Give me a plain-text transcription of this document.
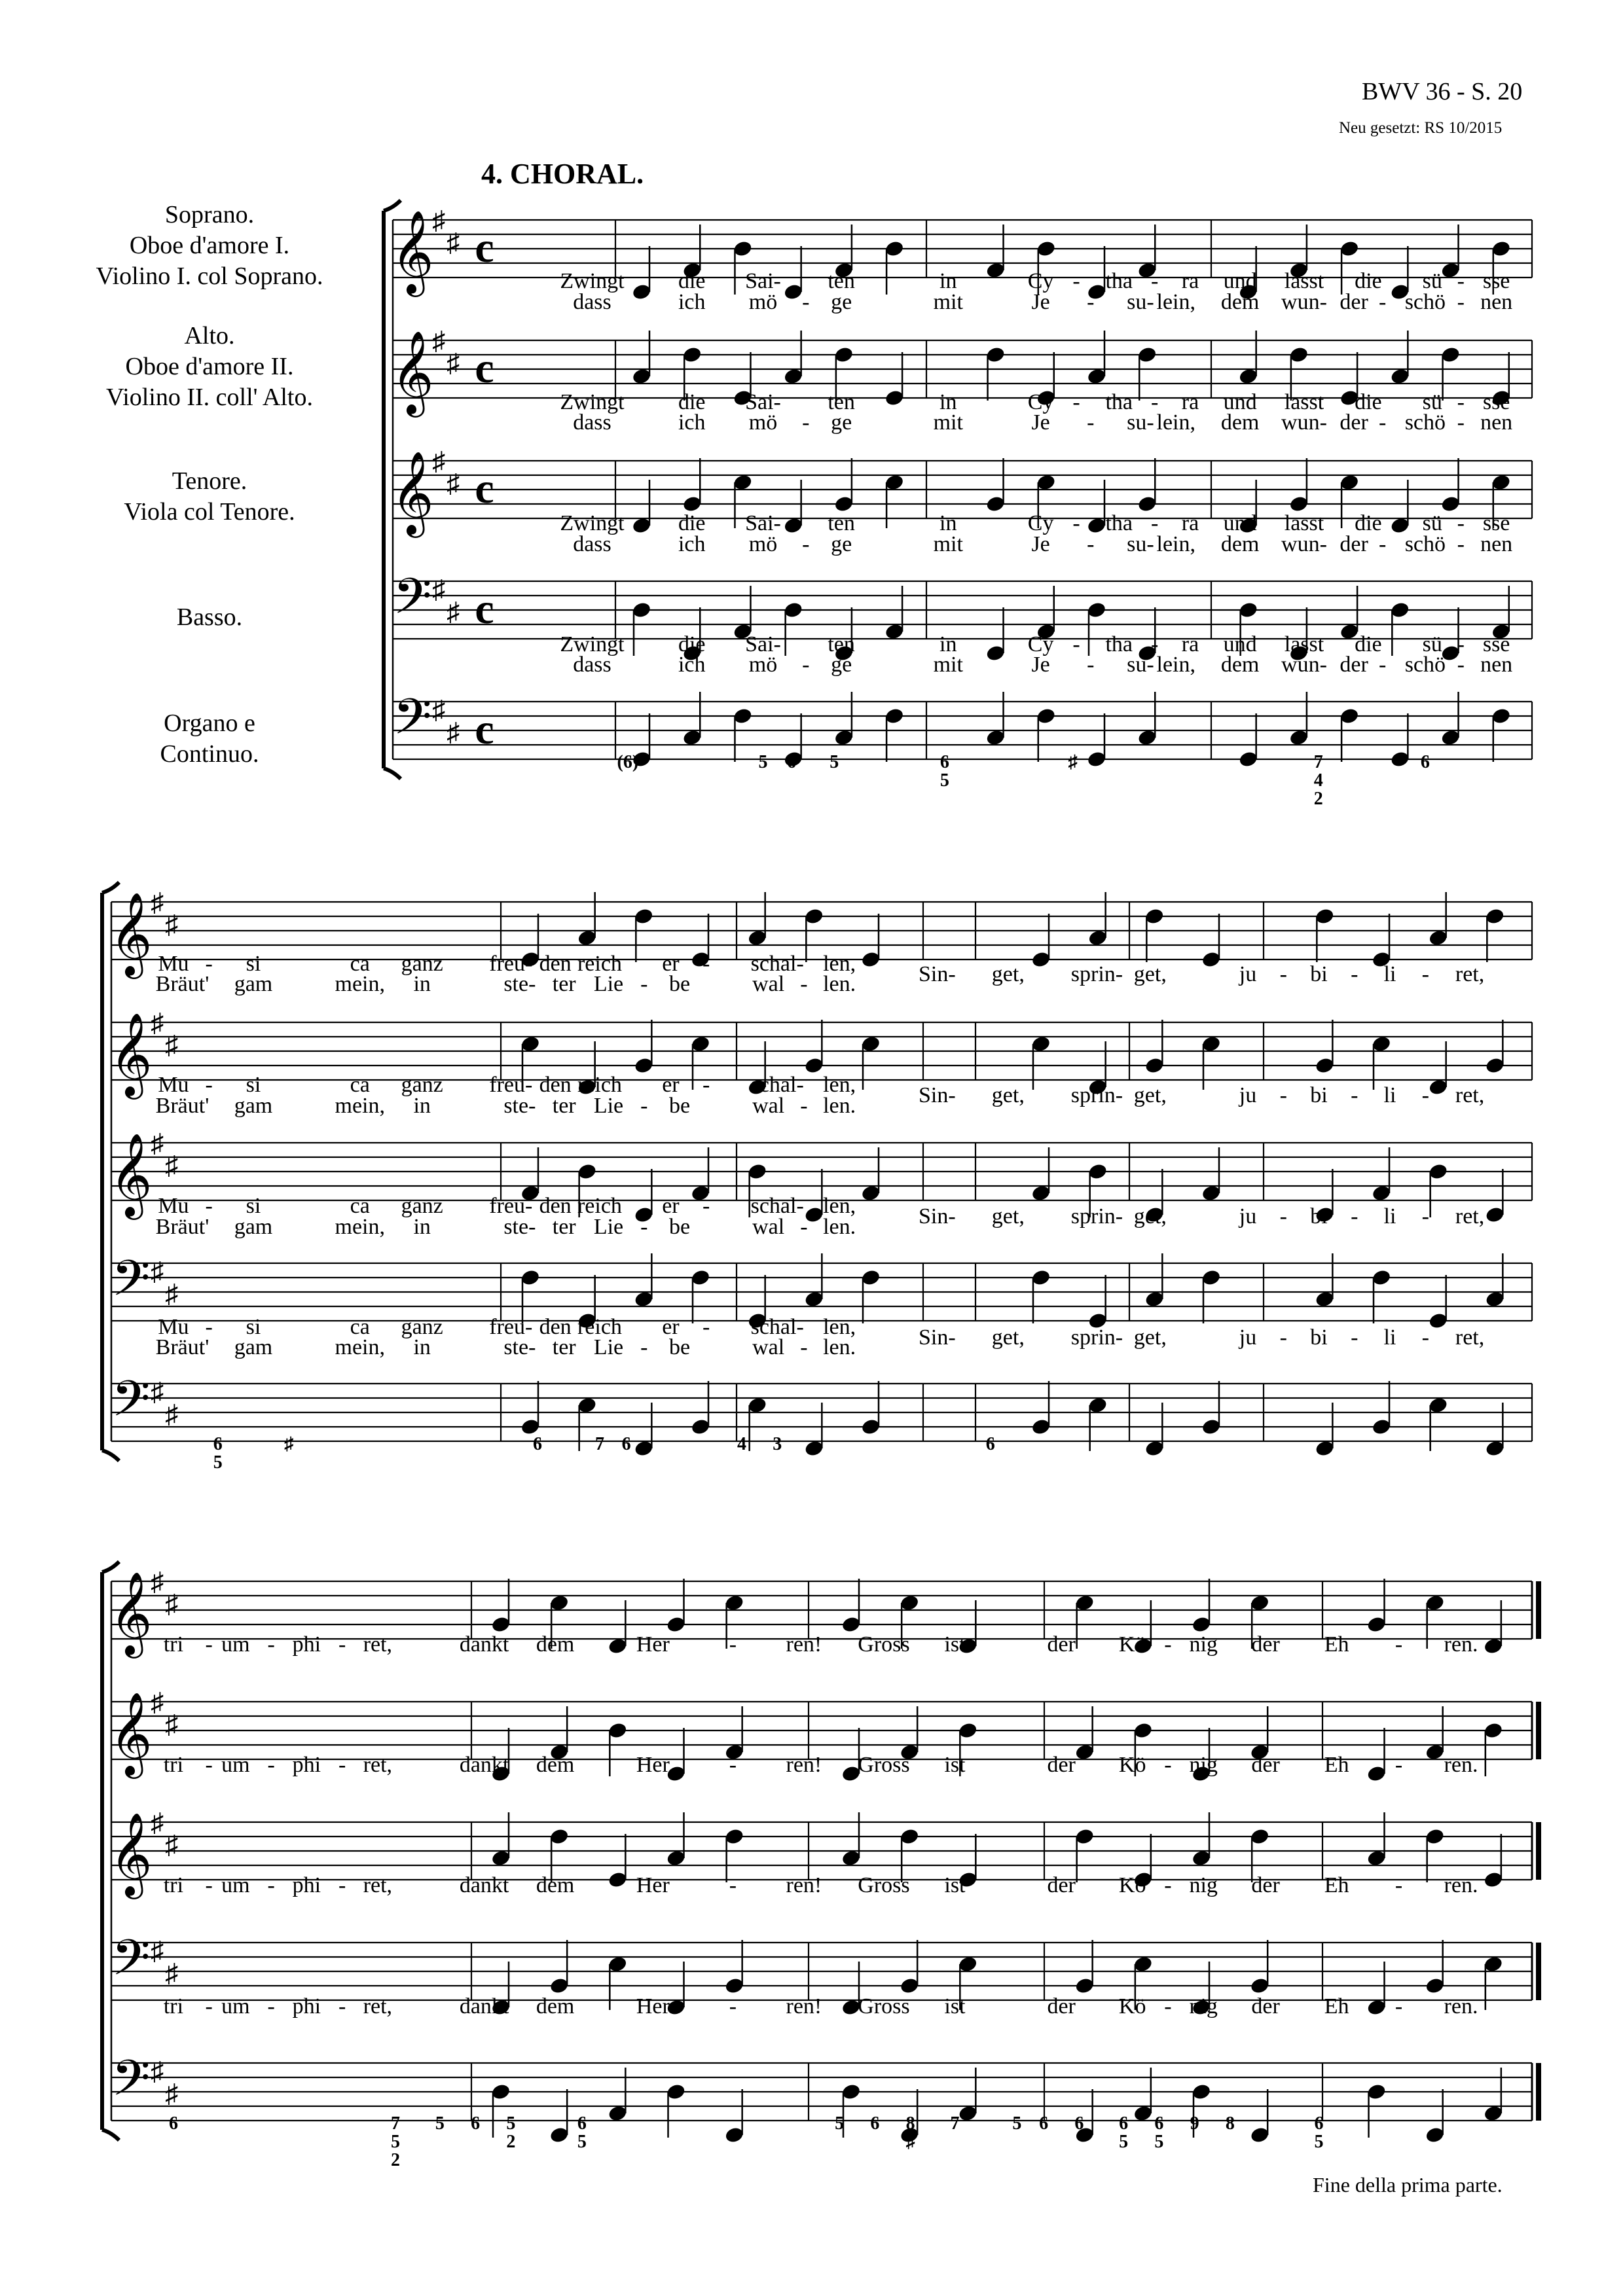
BWV 36 - S. 20
Neu gesetzt: RS 10/2015
4. CHORAL.
Soprano.
Oboe d'amore I.
Violino I. col Soprano.
Alto.
Oboe d'amore II.
Violino II. coll' Alto.
Tenore.
Viola col Tenore.
Basso.
Organo e
Continuo.
𝄞
♯
♯ c
𝄞
♯
♯ c
𝄞
♯
♯ c
𝄢 ♯
♯ c
𝄢 ♯
♯ c
Zwingt die Sai- ten	in	Cy - tha - ra und lasst die sü - sse
dass	ich mö - ge	mit	Je - su- lein, dem wun- der - schö - nen
Zwingt die Sai- ten	in	Cy - tha - ra und lasst die sü - sse
dass	ich mö - ge	mit	Je - su- lein, dem wun- der - schö - nen
Zwingt die Sai- ten	in	Cy - tha - ra und lasst die sü - sse
dass	ich mö - ge	mit	Je - su- lein, dem wun- der - schö - nen
Zwingt die Sai- ten	in	Cy - tha - ra und lasst die sü - sse
dass	ich mö - ge	mit	Je - su- lein, dem wun- der - schö - nen
(6)	5 6 5	6
5
♯	7
4
2
6
𝄞
♯
♯
𝄞
♯
♯
𝄞
♯
♯
𝄢 ♯
♯
𝄢 ♯
♯
Mu - si	ca ganz freu- den reich er - schal- len,
Bräut' gam	mein, in	ste- ter Lie - be	wal - len.	Sin- get, sprin- get,	ju - bi - li - ret,
Mu - si	ca ganz freu- den reich er - schal- len,
Bräut' gam	mein, in	ste- ter Lie - be	wal - len.	Sin- get, sprin- get,	ju - bi - li - ret,
Mu - si	ca ganz freu- den reich er - schal- len,
Bräut' gam	mein, in	ste- ter Lie - be	wal - len.	Sin- get, sprin- get,	ju - bi - li - ret,
Mu - si	ca ganz freu- den reich er - schal- len,
Bräut' gam	mein, in	ste- ter Lie - be	wal - len.	Sin- get, sprin- get,	ju - bi - li - ret,
6
5
♯	6	7 6	4 3	6
𝄞
♯
♯
𝄞
♯
♯
𝄞
♯
♯
𝄢 ♯
♯
𝄢 ♯
♯
tri - um - phi - ret,	dankt dem	Her	- ren! Gross ist	der Kö - nig der Eh - ren.
tri - um - phi - ret,	dankt dem	Her	- ren! Gross ist	der Kö - nig der Eh - ren.
tri - um - phi - ret,	dankt dem	Her	- ren! Gross ist	der Kö - nig der Eh - ren.
tri - um - phi - ret,	dankt dem	Her	- ren! Gross ist	der Kö - nig der Eh - ren.
6	7
5
2
5 6 5
2
6
5
5 6 8
♯
7	5 6 6 6
5
6
5
9 8	6
5
Fine della prima parte.
